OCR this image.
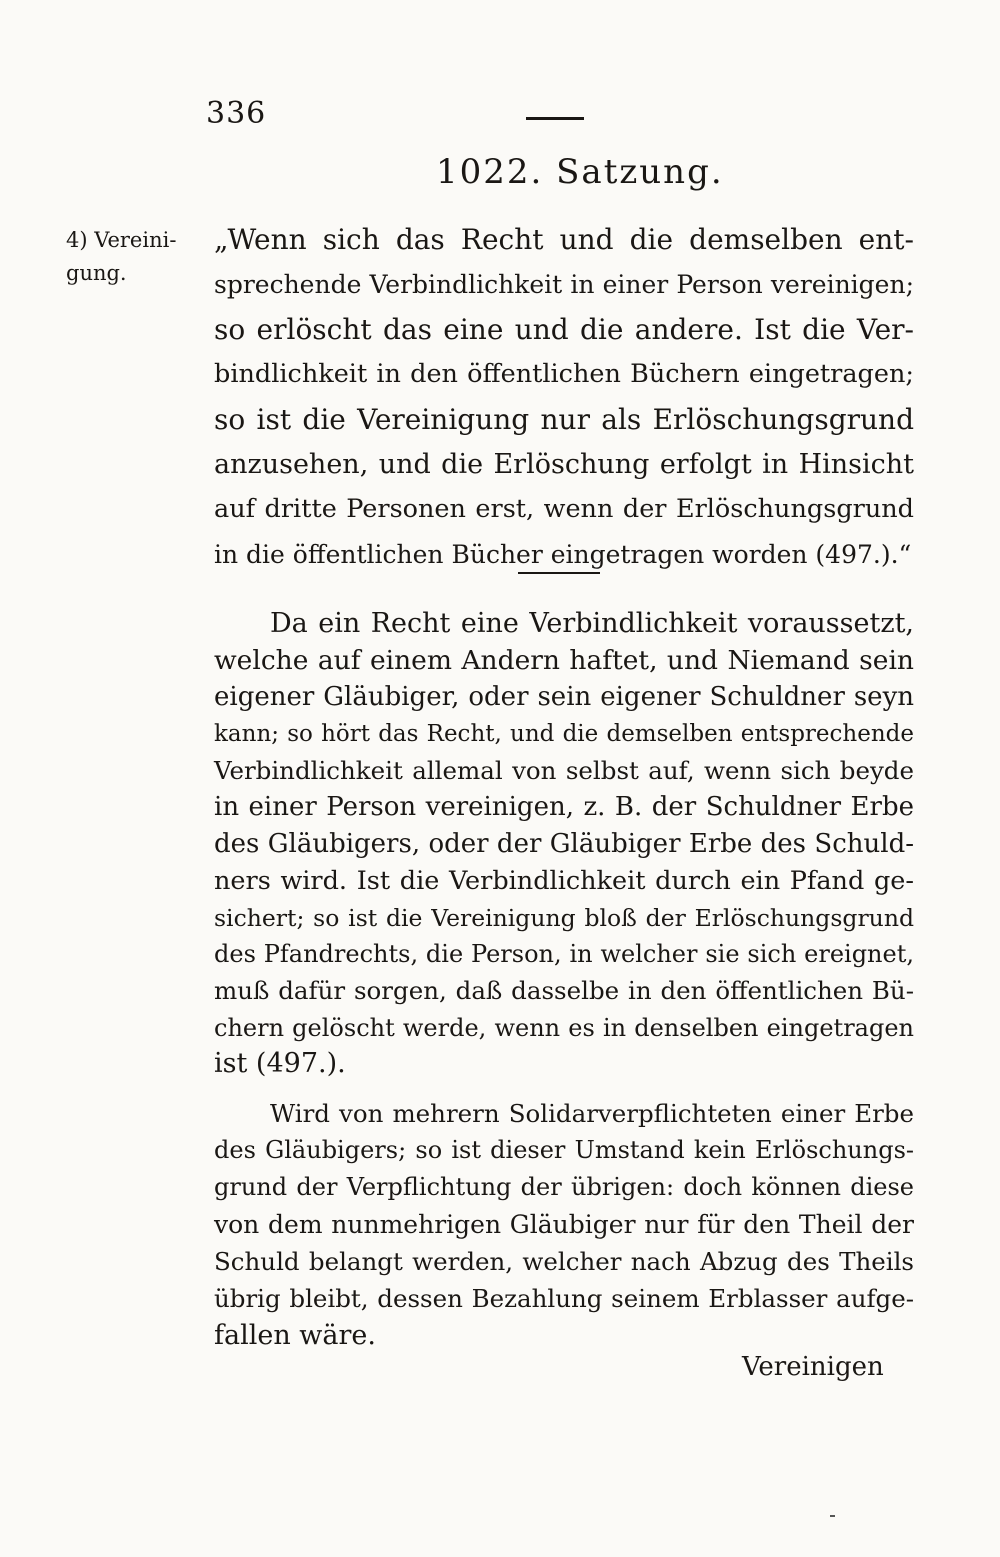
336
1022. Satzung.
4) Vereini-
gung.
„Wenn sich das Recht und die demselben ent-
sprechende Verbindlichkeit in einer Person vereinigen;
so erlöscht das eine und die andere. Ist die Ver-
bindlichkeit in den öffentlichen Büchern eingetragen;
so ist die Vereinigung nur als Erlöschungsgrund
anzusehen, und die Erlöschung erfolgt in Hinsicht
auf dritte Personen erst, wenn der Erlöschungsgrund
in die öffentlichen Bücher eingetragen worden (497.).“
Da ein Recht eine Verbindlichkeit voraussetzt,
welche auf einem Andern haftet, und Niemand sein
eigener Gläubiger, oder sein eigener Schuldner seyn
kann; so hört das Recht, und die demselben entsprechende
Verbindlichkeit allemal von selbst auf, wenn sich beyde
in einer Person vereinigen, z. B. der Schuldner Erbe
des Gläubigers, oder der Gläubiger Erbe des Schuld-
ners wird. Ist die Verbindlichkeit durch ein Pfand ge-
sichert; so ist die Vereinigung bloß der Erlöschungsgrund
des Pfandrechts, die Person, in welcher sie sich ereignet,
muß dafür sorgen, daß dasselbe in den öffentlichen Bü-
chern gelöscht werde, wenn es in denselben eingetragen
ist (497.).
Wird von mehrern Solidarverpflichteten einer Erbe
des Gläubigers; so ist dieser Umstand kein Erlöschungs-
grund der Verpflichtung der übrigen: doch können diese
von dem nunmehrigen Gläubiger nur für den Theil der
Schuld belangt werden, welcher nach Abzug des Theils
übrig bleibt, dessen Bezahlung seinem Erblasser aufge-
fallen wäre.
Vereinigen
